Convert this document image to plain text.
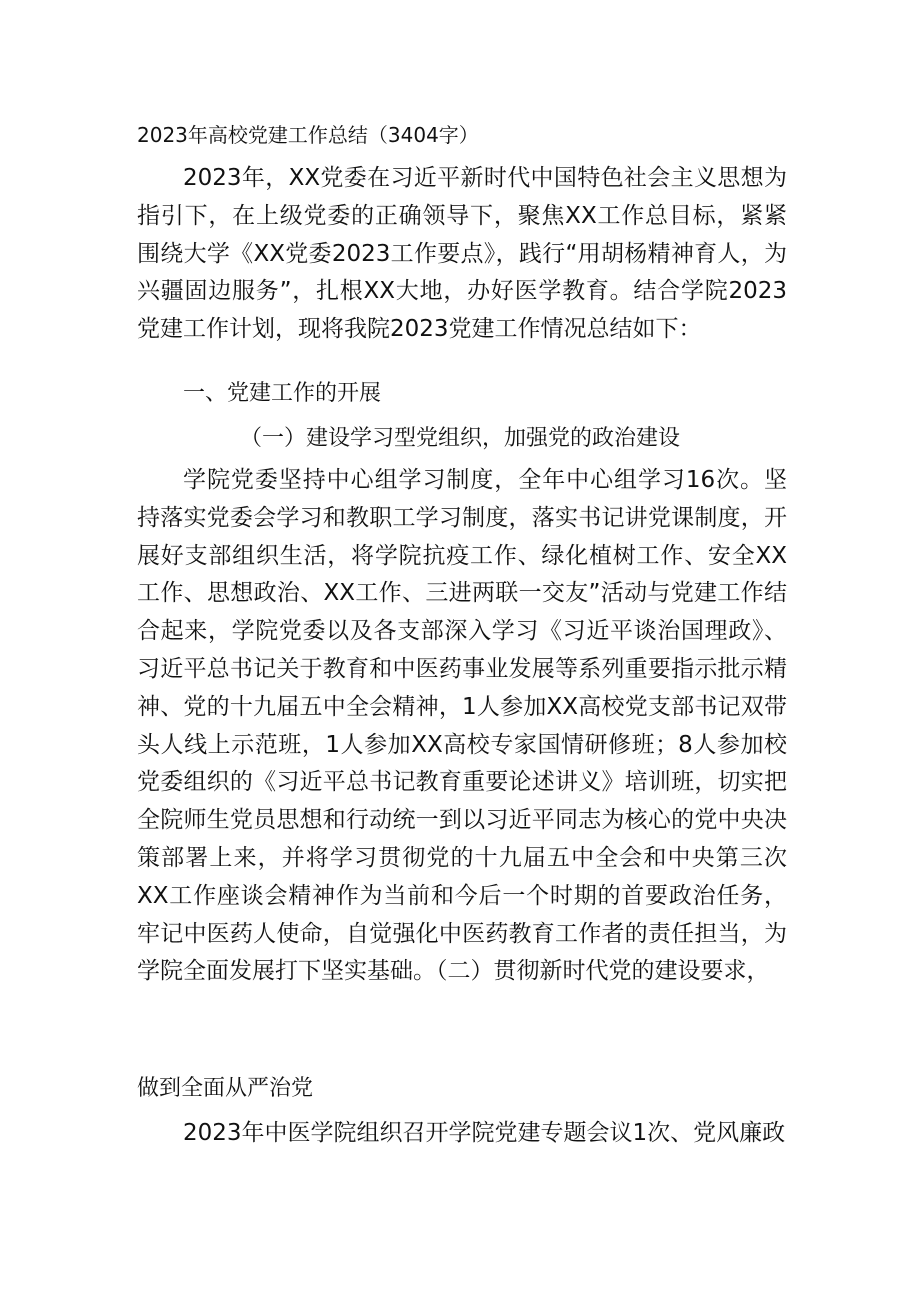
2023年高校党建工作总结（3404字）

2023年，XX党委在习近平新时代中国特色社会主义思想为指引下，在上级党委的正确领导下，聚焦XX工作总目标，紧紧围绕大学《XX党委2023工作要点》，践行“用胡杨精神育人，为兴疆固边服务”，扎根XX大地，办好医学教育。结合学院2023党建工作计划，现将我院2023党建工作情况总结如下：

一、党建工作的开展
（一）建设学习型党组织，加强党的政治建设

学院党委坚持中心组学习制度，全年中心组学习16次。坚持落实党委会学习和教职工学习制度，落实书记讲党课制度，开展好支部组织生活，将学院抗疫工作、绿化植树工作、安全XX工作、思想政治、XX工作、三进两联一交友”活动与党建工作结合起来，学院党委以及各支部深入学习《习近平谈治国理政》、习近平总书记关于教育和中医药事业发展等系列重要指示批示精神、党的十九届五中全会精神，1人参加XX高校党支部书记双带头人线上示范班，1人参加XX高校专家国情研修班；8人参加校党委组织的《习近平总书记教育重要论述讲义》培训班，切实把全院师生党员思想和行动统一到以习近平同志为核心的党中央决策部署上来，并将学习贯彻党的十九届五中全会和中央第三次XX工作座谈会精神作为当前和今后一个时期的首要政治任务，牢记中医药人使命，自觉强化中医药教育工作者的责任担当，为学院全面发展打下坚实基础。（二）贯彻新时代党的建设要求，

做到全面从严治党

2023年中医学院组织召开学院党建专题会议1次、党风廉政
